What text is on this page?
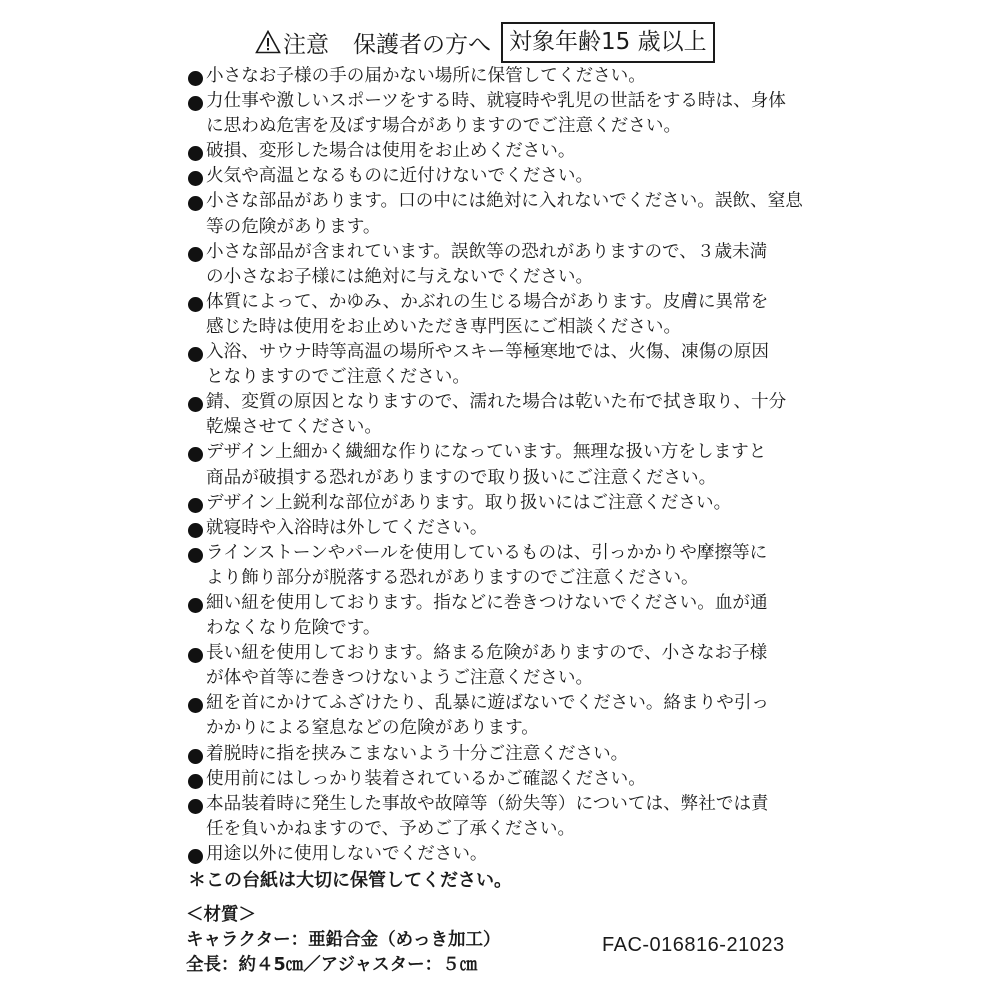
注意 保護者の方へ 対象年齢15 歳以上
小さなお子様の手の届かない場所に保管してください。
力仕事や激しいスポーツをする時、就寝時や乳児の世話をする時は、身体
に思わぬ危害を及ぼす場合がありますのでご注意ください。
破損、変形した場合は使用をお止めください。
火気や高温となるものに近付けないでください。
小さな部品があります。口の中には絶対に入れないでください。誤飲、窒息
等の危険があります。
小さな部品が含まれています。誤飲等の恐れがありますので、３歳未満
の小さなお子様には絶対に与えないでください。
体質によって、かゆみ、かぶれの生じる場合があります。皮膚に異常を
感じた時は使用をお止めいただき専門医にご相談ください。
入浴、サウナ時等高温の場所やスキー等極寒地では、火傷、凍傷の原因
となりますのでご注意ください。
錆、変質の原因となりますので、濡れた場合は乾いた布で拭き取り、十分
乾燥させてください。
デザイン上細かく繊細な作りになっています。無理な扱い方をしますと
商品が破損する恐れがありますので取り扱いにご注意ください。
デザイン上鋭利な部位があります。取り扱いにはご注意ください。
就寝時や入浴時は外してください。
ラインストーンやパールを使用しているものは、引っかかりや摩擦等に
より飾り部分が脱落する恐れがありますのでご注意ください。
細い紐を使用しております。指などに巻きつけないでください。血が通
わなくなり危険です。
長い紐を使用しております。絡まる危険がありますので、小さなお子様
が体や首等に巻きつけないようご注意ください。
紐を首にかけてふざけたり、乱暴に遊ばないでください。絡まりや引っ
かかりによる窒息などの危険があります。
着脱時に指を挟みこまないよう十分ご注意ください。
使用前にはしっかり装着されているかご確認ください。
本品装着時に発生した事故や故障等（紛失等）については、弊社では責
任を負いかねますので、予めご了承ください。
用途以外に使用しないでください。
＊この台紙は大切に保管してください。
＜材質＞
キャラクター：亜鉛合金（めっき加工）
全長：約４5㎝／アジャスター：５㎝
FAC-016816-21023
